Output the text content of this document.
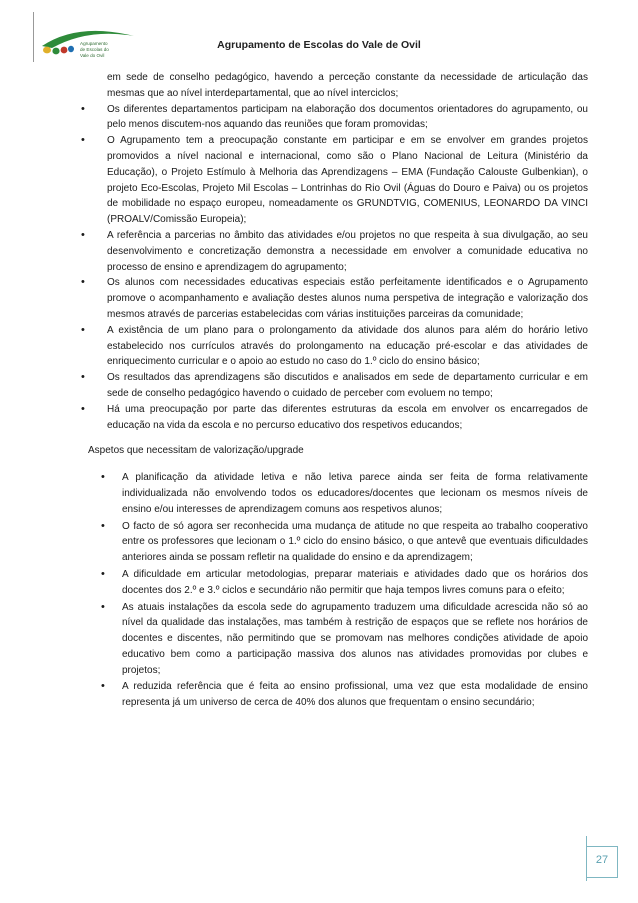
Agrupamento
de Escolas do
Vale do Ovil
Agrupamento de Escolas do Vale de Ovil
em sede de conselho pedagógico, havendo a perceção constante da necessidade de articulação das mesmas que ao nível interdepartamental, que ao nível interciclos;
• Os diferentes departamentos participam na elaboração dos documentos orientadores do agrupamento, ou pelo menos discutem-nos aquando das reuniões que foram promovidas;
• O Agrupamento tem a preocupação constante em participar e em se envolver em grandes projetos promovidos a nível nacional e internacional, como são o Plano Nacional de Leitura (Ministério da Educação), o Projeto Estímulo à Melhoria das Aprendizagens – EMA (Fundação Calouste Gulbenkian), o projeto Eco-Escolas, Projeto Mil Escolas – Lontrinhas do Rio Ovil (Águas do Douro e Paiva) ou os projetos de mobilidade no espaço europeu, nomeadamente os GRUNDTVIG, COMENIUS, LEONARDO DA VINCI (PROALV/Comissão Europeia);
• A referência a parcerias no âmbito das atividades e/ou projetos no que respeita à sua divulgação, ao seu desenvolvimento e concretização demonstra a necessidade em envolver a comunidade educativa no processo de ensino e aprendizagem do agrupamento;
• Os alunos com necessidades educativas especiais estão perfeitamente identificados e o Agrupamento promove o acompanhamento e avaliação destes alunos numa perspetiva de integração e valorização dos mesmos através de parcerias estabelecidas com várias instituições parceiras da comunidade;
• A existência de um plano para o prolongamento da atividade dos alunos para além do horário letivo estabelecido nos currículos através do prolongamento na educação pré-escolar e das atividades de enriquecimento curricular e o apoio ao estudo no caso do 1.º ciclo do ensino básico;
• Os resultados das aprendizagens são discutidos e analisados em sede de departamento curricular e em sede de conselho pedagógico havendo o cuidado de perceber com evoluem no tempo;
• Há uma preocupação por parte das diferentes estruturas da escola em envolver os encarregados de educação na vida da escola e no percurso educativo dos respetivos educandos;
Aspetos que necessitam de valorização/upgrade
• A planificação da atividade letiva e não letiva parece ainda ser feita de forma relativamente individualizada não envolvendo todos os educadores/docentes que lecionam os mesmos níveis de ensino e/ou interesses de aprendizagem comuns aos respetivos alunos;
• O facto de só agora ser reconhecida uma mudança de atitude no que respeita ao trabalho cooperativo entre os professores que lecionam o 1.º ciclo do ensino básico, o que antevê que eventuais dificuldades anteriores ainda se possam refletir na qualidade do ensino e da aprendizagem;
• A dificuldade em articular metodologias, preparar materiais e atividades dado que os horários dos docentes dos 2.º e 3.º ciclos e secundário não permitir que haja tempos livres comuns para o efeito;
• As atuais instalações da escola sede do agrupamento traduzem uma dificuldade acrescida não só ao nível da qualidade das instalações, mas também à restrição de espaços que se reflete nos horários de docentes e discentes, não permitindo que se promovam nas melhores condições atividade de apoio educativo bem como a participação massiva dos alunos nas atividades promovidas por clubes e projetos;
• A reduzida referência que é feita ao ensino profissional, uma vez que esta modalidade de ensino representa já um universo de cerca de 40% dos alunos que frequentam o ensino secundário;
27
